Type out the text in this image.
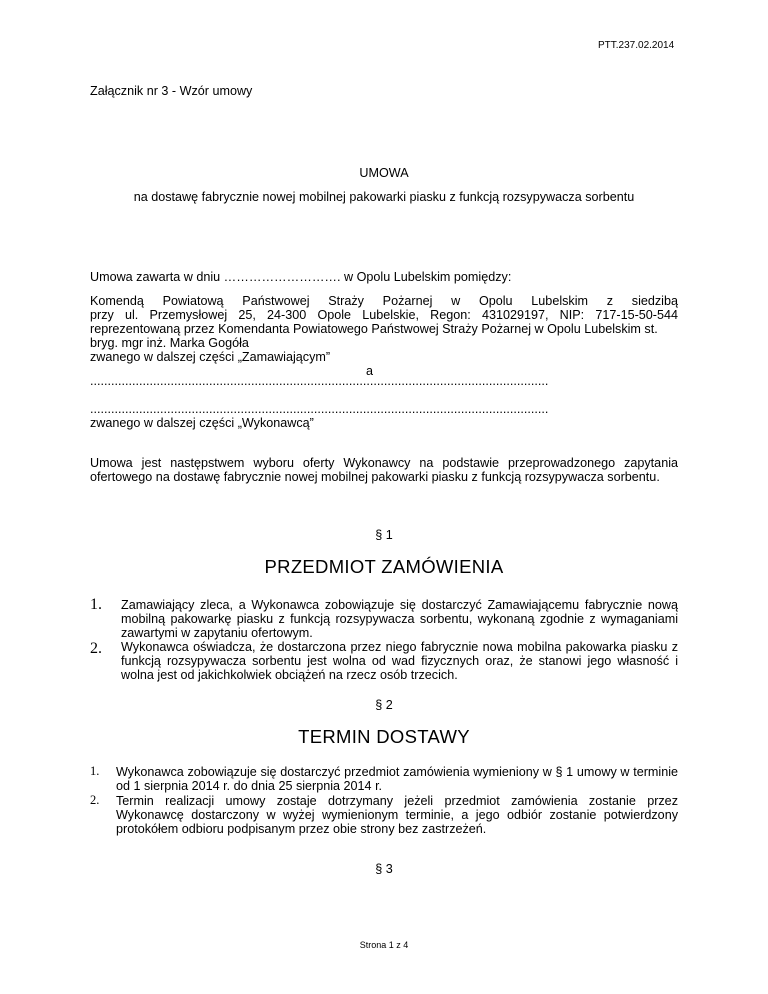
PTT.237.02.2014
Załącznik nr 3 - Wzór umowy
UMOWA
na dostawę fabrycznie nowej mobilnej pakowarki piasku z funkcją rozsypywacza sorbentu
Umowa zawarta w dniu ………………………. w Opolu Lubelskim pomiędzy:
Komendą Powiatową Państwowej Straży Pożarnej w Opolu Lubelskim z siedzibą
przy ul. Przemysłowej 25, 24-300 Opole Lubelskie, Regon: 431029197, NIP: 717-15-50-544
reprezentowaną przez Komendanta Powiatowego Państwowej Straży Pożarnej w Opolu Lubelskim st.
bryg. mgr inż. Marka Gogóła
zwanego w dalszej części „Zamawiającym”
a
...................................................................................................................................
...................................................................................................................................
zwanego w dalszej części „Wykonawcą”
Umowa jest następstwem wyboru oferty Wykonawcy na podstawie przeprowadzonego zapytania ofertowego na dostawę fabrycznie nowej mobilnej pakowarki piasku z funkcją rozsypywacza sorbentu.
§ 1
PRZEDMIOT ZAMÓWIENIA
1. Zamawiający zleca, a Wykonawca zobowiązuje się dostarczyć Zamawiającemu fabrycznie nową mobilną pakowarkę piasku z funkcją rozsypywacza sorbentu, wykonaną zgodnie z wymaganiami zawartymi w zapytaniu ofertowym.
2. Wykonawca oświadcza, że dostarczona przez niego fabrycznie nowa mobilna pakowarka piasku z funkcją rozsypywacza sorbentu jest wolna od wad fizycznych oraz, że stanowi jego własność i wolna jest od jakichkolwiek obciążeń na rzecz osób trzecich.
§ 2
TERMIN DOSTAWY
1. Wykonawca zobowiązuje się dostarczyć przedmiot zamówienia wymieniony w § 1 umowy w terminie od 1 sierpnia 2014 r. do dnia 25 sierpnia 2014 r.
2. Termin realizacji umowy zostaje dotrzymany jeżeli przedmiot zamówienia zostanie przez Wykonawcę dostarczony w wyżej wymienionym terminie, a jego odbiór zostanie potwierdzony protokółem odbioru podpisanym przez obie strony bez zastrzeżeń.
§ 3
Strona 1 z 4
